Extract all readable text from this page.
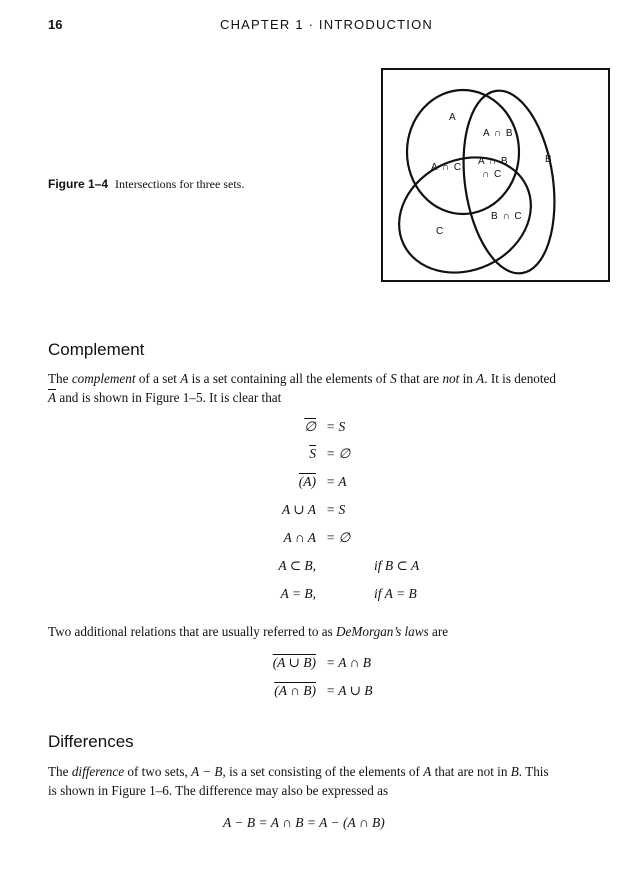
16	CHAPTER 1 · INTRODUCTION
Figure 1–4 Intersections for three sets.
A
B
C
A ∩ B
A ∩ C
A ∩ B
∩ C
B ∩ C
Complement
The complement of a set A is a set containing all the elements of S that are not in A. It is denoted
$\overline{A}$ and is shown in Figure 1–5. It is clear that
∅ = S
$\overline{S}$ = ∅
(A) = A
A ∪ A = S
A ∩ A = ∅
A ⊂ B,	if B ⊂ A
A = B,	if A = B
Two additional relations that are usually referred to as DeMorgan’s laws are
(A ∪ B) = A ∩ B
(A ∩ B) = A ∪ B
Differences
The difference of two sets, A − B, is a set consisting of the elements of A that are not in B. This
is shown in Figure 1–6. The difference may also be expressed as
A − B = A ∩ B = A − (A ∩ B)
